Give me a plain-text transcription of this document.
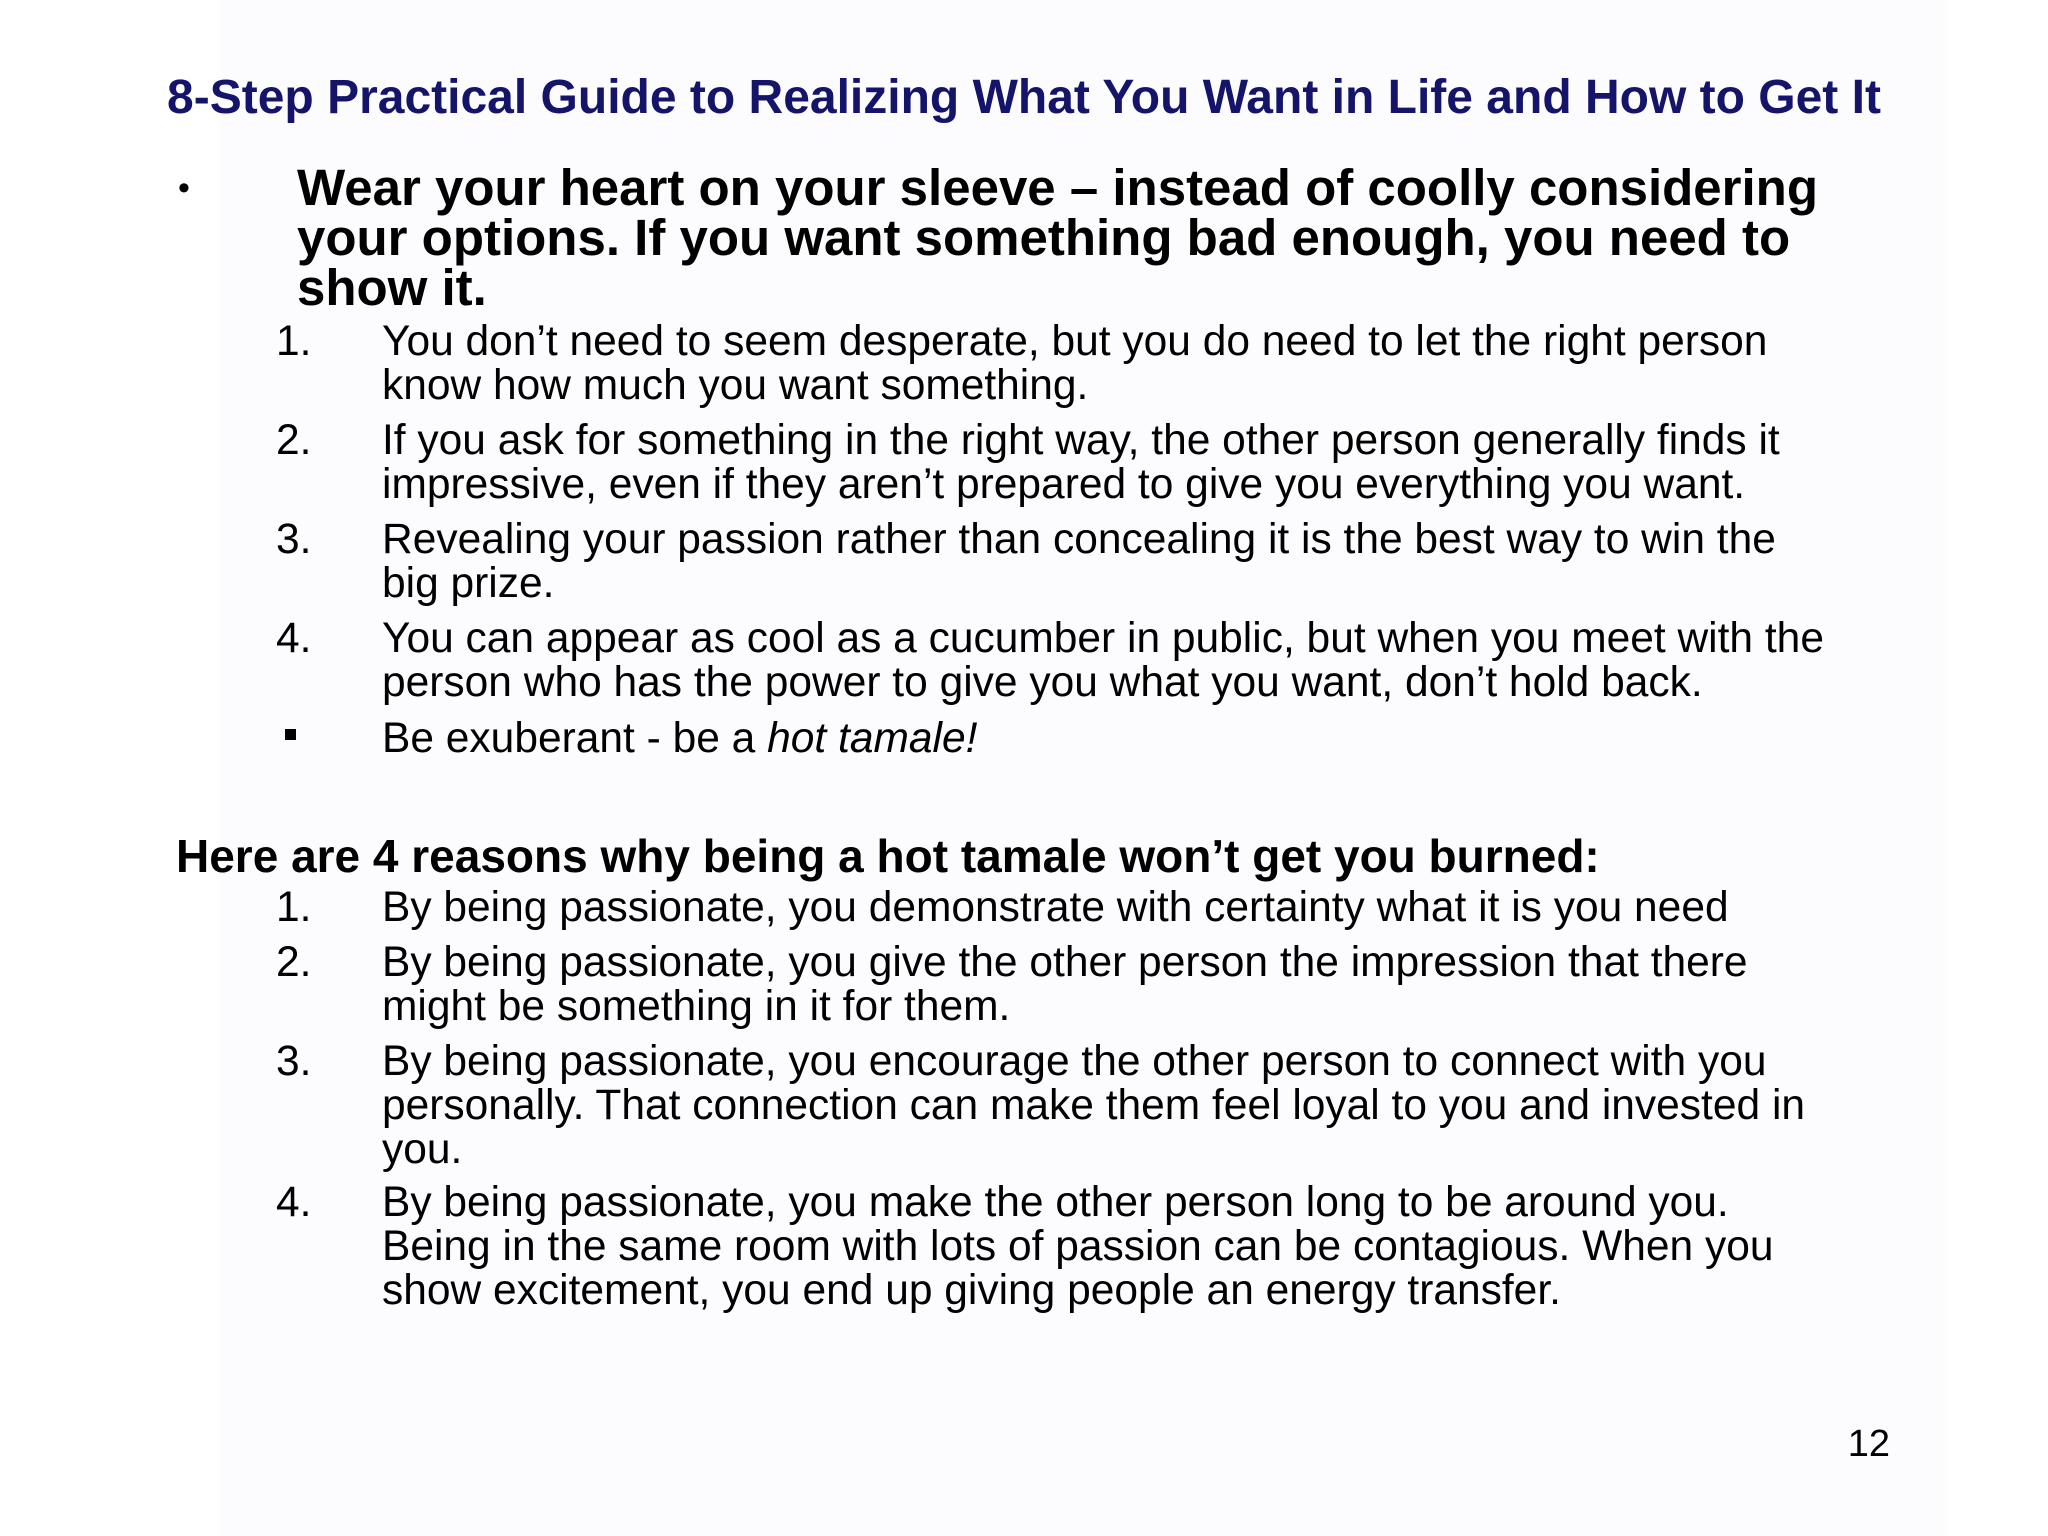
8-Step Practical Guide to Realizing What You Want in Life and How to Get It
• Wear your heart on your sleeve – instead of coolly considering
your options. If you want something bad enough, you need to
show it.
1. You don’t need to seem desperate, but you do need to let the right person
know how much you want something.
2. If you ask for something in the right way, the other person generally finds it
impressive, even if they aren’t prepared to give you everything you want.
3. Revealing your passion rather than concealing it is the best way to win the
big prize.
4. You can appear as cool as a cucumber in public, but when you meet with the
person who has the power to give you what you want, don’t hold back.
Be exuberant - be a hot tamale!
Here are 4 reasons why being a hot tamale won’t get you burned:
1. By being passionate, you demonstrate with certainty what it is you need
2. By being passionate, you give the other person the impression that there
might be something in it for them.
3. By being passionate, you encourage the other person to connect with you
personally. That connection can make them feel loyal to you and invested in
you.
4. By being passionate, you make the other person long to be around you.
Being in the same room with lots of passion can be contagious. When you
show excitement, you end up giving people an energy transfer.
12
